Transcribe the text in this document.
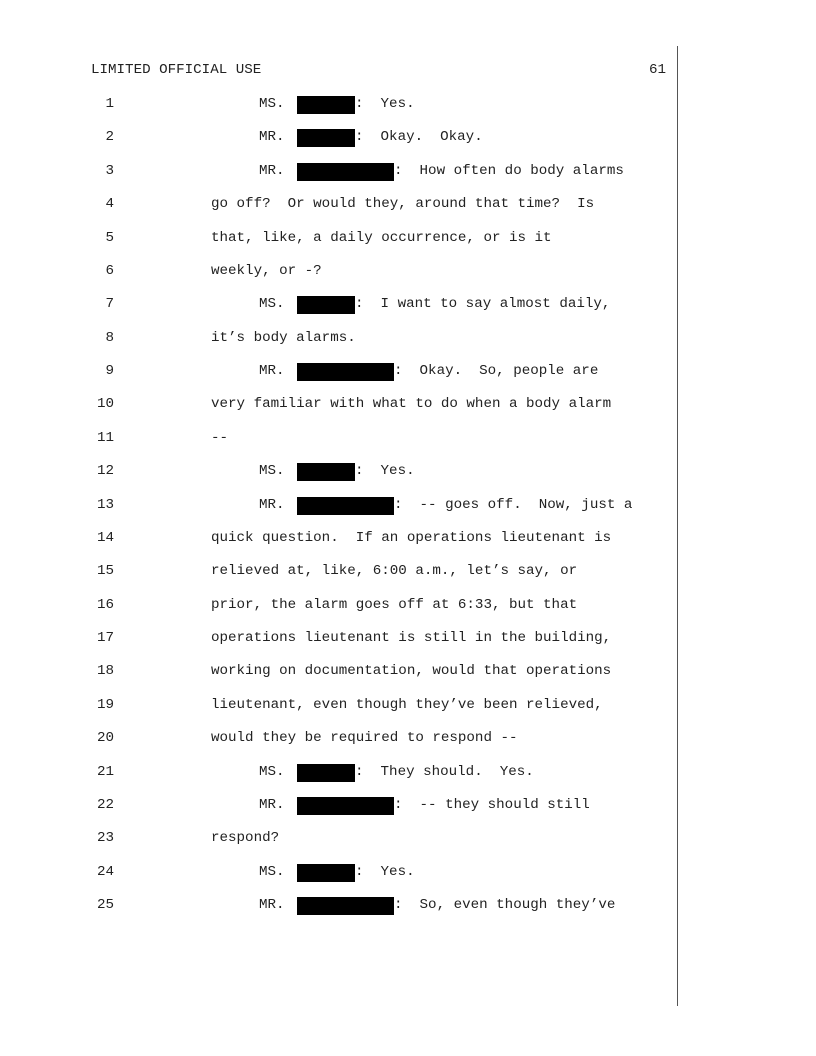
LIMITED OFFICIAL USE	61
1	MS.	:  Yes.
2	MR.	:  Okay.  Okay.
3	MR.	:  How often do body alarms
4	go off?  Or would they, around that time?  Is
5	that, like, a daily occurrence, or is it
6	weekly, or -?
7	MS.	:  I want to say almost daily,
8	it’s body alarms.
9	MR.	:  Okay.  So, people are
10	very familiar with what to do when a body alarm
11	--
12	MS.	:  Yes.
13	MR.	:  -- goes off.  Now, just a
14	quick question.  If an operations lieutenant is
15	relieved at, like, 6:00 a.m., let’s say, or
16	prior, the alarm goes off at 6:33, but that
17	operations lieutenant is still in the building,
18	working on documentation, would that operations
19	lieutenant, even though they’ve been relieved,
20	would they be required to respond --
21	MS.	:  They should.  Yes.
22	MR.	:  -- they should still
23	respond?
24	MS.	:  Yes.
25	MR.	:  So, even though they’ve
